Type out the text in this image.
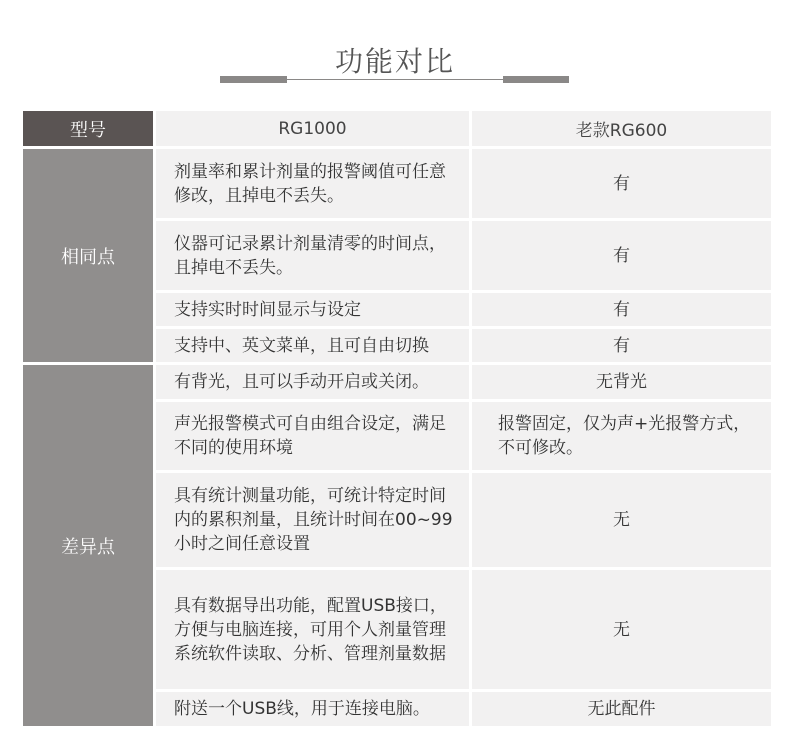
功能对比
型号	RG1000	老款RG600
相同点	剂量率和累计剂量的报警阈值可任意修改，且掉电不丢失。	有
	仪器可记录累计剂量清零的时间点，且掉电不丢失。	有
	支持实时时间显示与设定	有
	支持中、英文菜单，且可自由切换	有
差异点	有背光，且可以手动开启或关闭。	无背光
	声光报警模式可自由组合设定，满足不同的使用环境	报警固定，仅为声+光报警方式，不可修改。
	具有统计测量功能，可统计特定时间内的累积剂量，且统计时间在00~99小时之间任意设置	无
	具有数据导出功能，配置USB接口，方便与电脑连接，可用个人剂量管理系统软件读取、分析、管理剂量数据	无
	附送一个USB线，用于连接电脑。	无此配件
